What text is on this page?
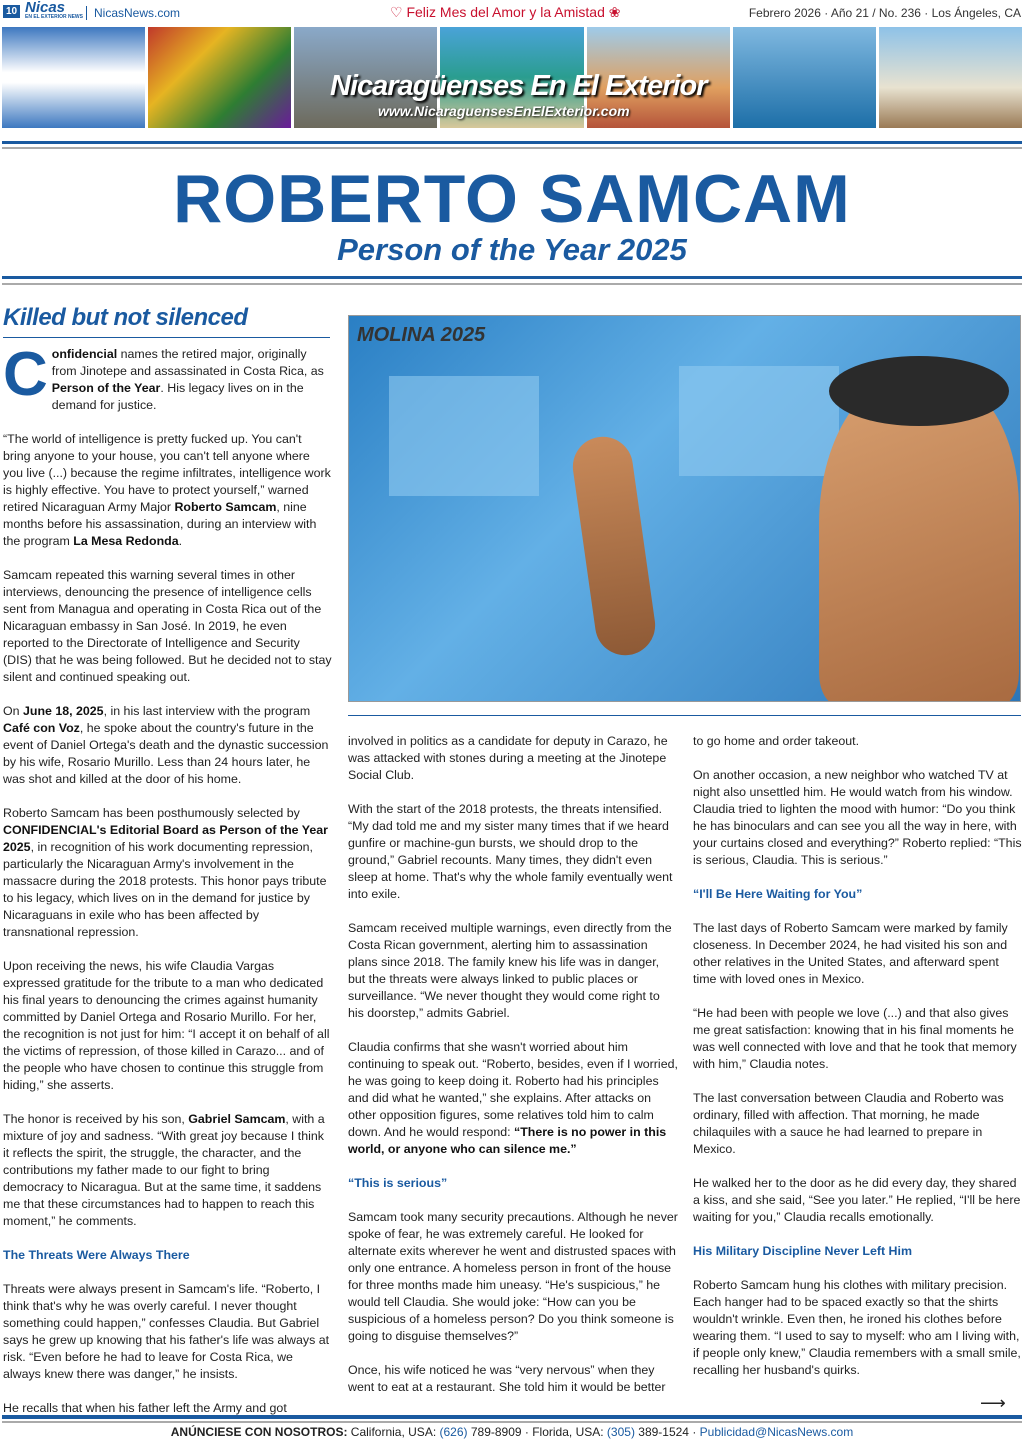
10 Nicas
EN EL EXTERIOR NEWS NicasNews.com	♡ Feliz Mes del Amor y la Amistad ❀	Febrero 2026 · Año 21 / No. 236 · Los Ángeles, CA
Nicaragüenses En El Exterior
www.NicaraguensesEnElExterior.com
ROBERTO SAMCAM
Person of the Year 2025
Killed but not silenced
MOLINA 2025

Confidencial names the retired major, originally from Jinotepe and assassinated in Costa Rica, as Person of the Year. His legacy lives on in the demand for justice.

“The world of intelligence is pretty fucked up. You can't bring anyone to your house, you can't tell anyone where you live (...) because the regime infiltrates, intelligence work is highly effective. You have to protect yourself,” warned retired Nicaraguan Army Major Roberto Samcam, nine months before his assassination, during an interview with the program La Mesa Redonda.

Samcam repeated this warning several times in other interviews, denouncing the presence of intelligence cells sent from Managua and operating in Costa Rica out of the Nicaraguan embassy in San José. In 2019, he even reported to the Directorate of Intelligence and Security (DIS) that he was being followed. But he decided not to stay silent and continued speaking out.

On June 18, 2025, in his last interview with the program Café con Voz, he spoke about the country's future in the event of Daniel Ortega's death and the dynastic succession by his wife, Rosario Murillo. Less than 24 hours later, he was shot and killed at the door of his home.

Roberto Samcam has been posthumously selected by CONFIDENCIAL's Editorial Board as Person of the Year 2025, in recognition of his work documenting repression, particularly the Nicaraguan Army's involvement in the massacre during the 2018 protests. This honor pays tribute to his legacy, which lives on in the demand for justice by Nicaraguans in exile who has been affected by transnational repression.

Upon receiving the news, his wife Claudia Vargas expressed gratitude for the tribute to a man who dedicated his final years to denouncing the crimes against humanity committed by Daniel Ortega and Rosario Murillo. For her, the recognition is not just for him: “I accept it on behalf of all the victims of repression, of those killed in Carazo... and of the people who have chosen to continue this struggle from hiding,” she asserts.

The honor is received by his son, Gabriel Samcam, with a mixture of joy and sadness. “With great joy because I think it reflects the spirit, the struggle, the character, and the contributions my father made to our fight to bring democracy to Nicaragua. But at the same time, it saddens me that these circumstances had to happen to reach this moment,” he comments.

The Threats Were Always There

Threats were always present in Samcam's life. “Roberto, I think that's why he was overly careful. I never thought something could happen,” confesses Claudia. But Gabriel says he grew up knowing that his father's life was always at risk. “Even before he had to leave for Costa Rica, we always knew there was danger,” he insists.

He recalls that when his father left the Army and got

involved in politics as a candidate for deputy in Carazo, he was attacked with stones during a meeting at the Jinotepe Social Club.

With the start of the 2018 protests, the threats intensified. “My dad told me and my sister many times that if we heard gunfire or machine-gun bursts, we should drop to the ground,” Gabriel recounts. Many times, they didn't even sleep at home. That's why the whole family eventually went into exile.

Samcam received multiple warnings, even directly from the Costa Rican government, alerting him to assassination plans since 2018. The family knew his life was in danger, but the threats were always linked to public places or surveillance. “We never thought they would come right to his doorstep,” admits Gabriel.

Claudia confirms that she wasn't worried about him continuing to speak out. “Roberto, besides, even if I worried, he was going to keep doing it. Roberto had his principles and did what he wanted,” she explains. After attacks on other opposition figures, some relatives told him to calm down. And he would respond: “There is no power in this world, or anyone who can silence me.”

“This is serious”

Samcam took many security precautions. Although he never spoke of fear, he was extremely careful. He looked for alternate exits wherever he went and distrusted spaces with only one entrance. A homeless person in front of the house for three months made him uneasy. “He's suspicious,” he would tell Claudia. She would joke: “How can you be suspicious of a homeless person? Do you think someone is going to disguise themselves?”

Once, his wife noticed he was “very nervous” when they went to eat at a restaurant. She told him it would be better

to go home and order takeout.

On another occasion, a new neighbor who watched TV at night also unsettled him. He would watch from his window. Claudia tried to lighten the mood with humor: “Do you think he has binoculars and can see you all the way in here, with your curtains closed and everything?” Roberto replied: “This is serious, Claudia. This is serious.”

“I'll Be Here Waiting for You”

The last days of Roberto Samcam were marked by family closeness. In December 2024, he had visited his son and other relatives in the United States, and afterward spent time with loved ones in Mexico.

“He had been with people we love (...) and that also gives me great satisfaction: knowing that in his final moments he was well connected with love and that he took that memory with him,” Claudia notes.

The last conversation between Claudia and Roberto was ordinary, filled with affection. That morning, he made chilaquiles with a sauce he had learned to prepare in Mexico.

He walked her to the door as he did every day, they shared a kiss, and she said, “See you later.” He replied, “I'll be here waiting for you,” Claudia recalls emotionally.

His Military Discipline Never Left Him

Roberto Samcam hung his clothes with military precision. Each hanger had to be spaced exactly so that the shirts wouldn't wrinkle. Even then, he ironed his clothes before wearing them. “I used to say to myself: who am I living with, if people only knew,” Claudia remembers with a small smile, recalling her husband's quirks.

⟶
ANÚNCIESE CON NOSOTROS: California, USA: (626) 789-8909 · Florida, USA: (305) 389-1524 · Publicidad@NicasNews.com
